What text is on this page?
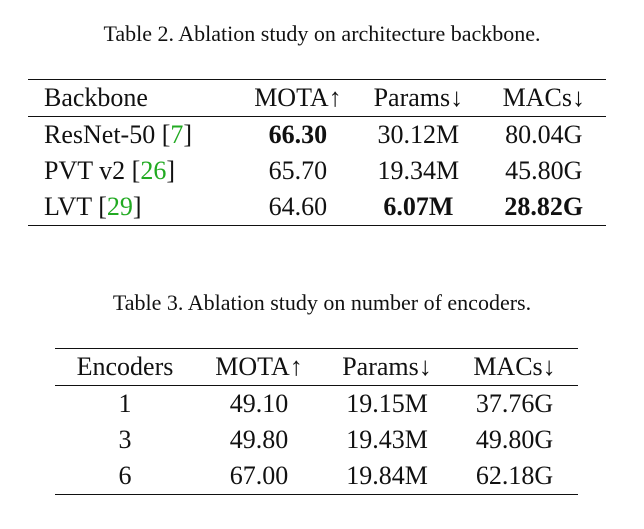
Table 2. Ablation study on architecture backbone.
Backbone	MOTA↑	Params↓	MACs↓
ResNet-50 [7]	66.30	30.12M	80.04G
PVT v2 [26]	65.70	19.34M	45.80G
LVT [29]	64.60	6.07M	28.82G
Table 3. Ablation study on number of encoders.
Encoders	MOTA↑	Params↓	MACs↓
1	49.10	19.15M	37.76G
3	49.80	19.43M	49.80G
6	67.00	19.84M	62.18G
